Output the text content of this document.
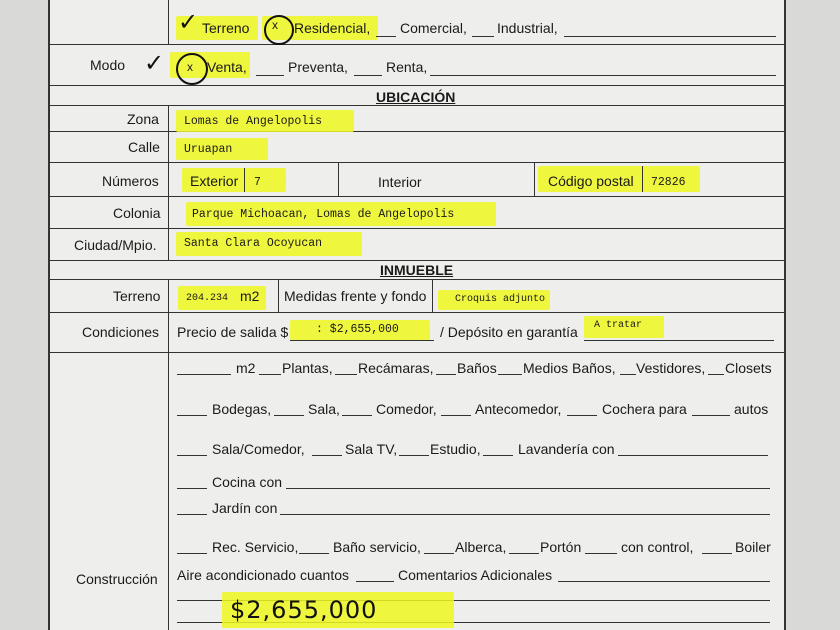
✓ Terreno x Residencial, Comercial, Industrial,
Modo ✓ x Venta,	Preventa,	Renta,
UBICACIÓN
Zona Lomas de Angelopolis
Calle Uruapan
Números Exterior 7	Interior	Código postal 72826
Colonia	Parque Michoacan, Lomas de Angelopolis
Ciudad/Mpio. Santa Clara Ocoyucan
INMUEBLE
Terreno	204.234 m2 Medidas frente y fondo	Croquis adjunto
Condiciones Precio de salida $ : $2,655,000	/ Depósito en garantía A tratar
Construcción
m2 Plantas, Recámaras, Baños Medios Baños, Vestidores, Closets
Bodegas,	Sala,	Comedor,	Antecomedor,	Cochera para	autos
Sala/Comedor,	Sala TV, Estudio,	Lavandería con
Cocina con
Jardín con
Rec. Servicio, Baño servicio, Alberca, Portón	con control,	Boiler
Aire acondicionado cuantos	Comentarios Adicionales
$2,655,000
